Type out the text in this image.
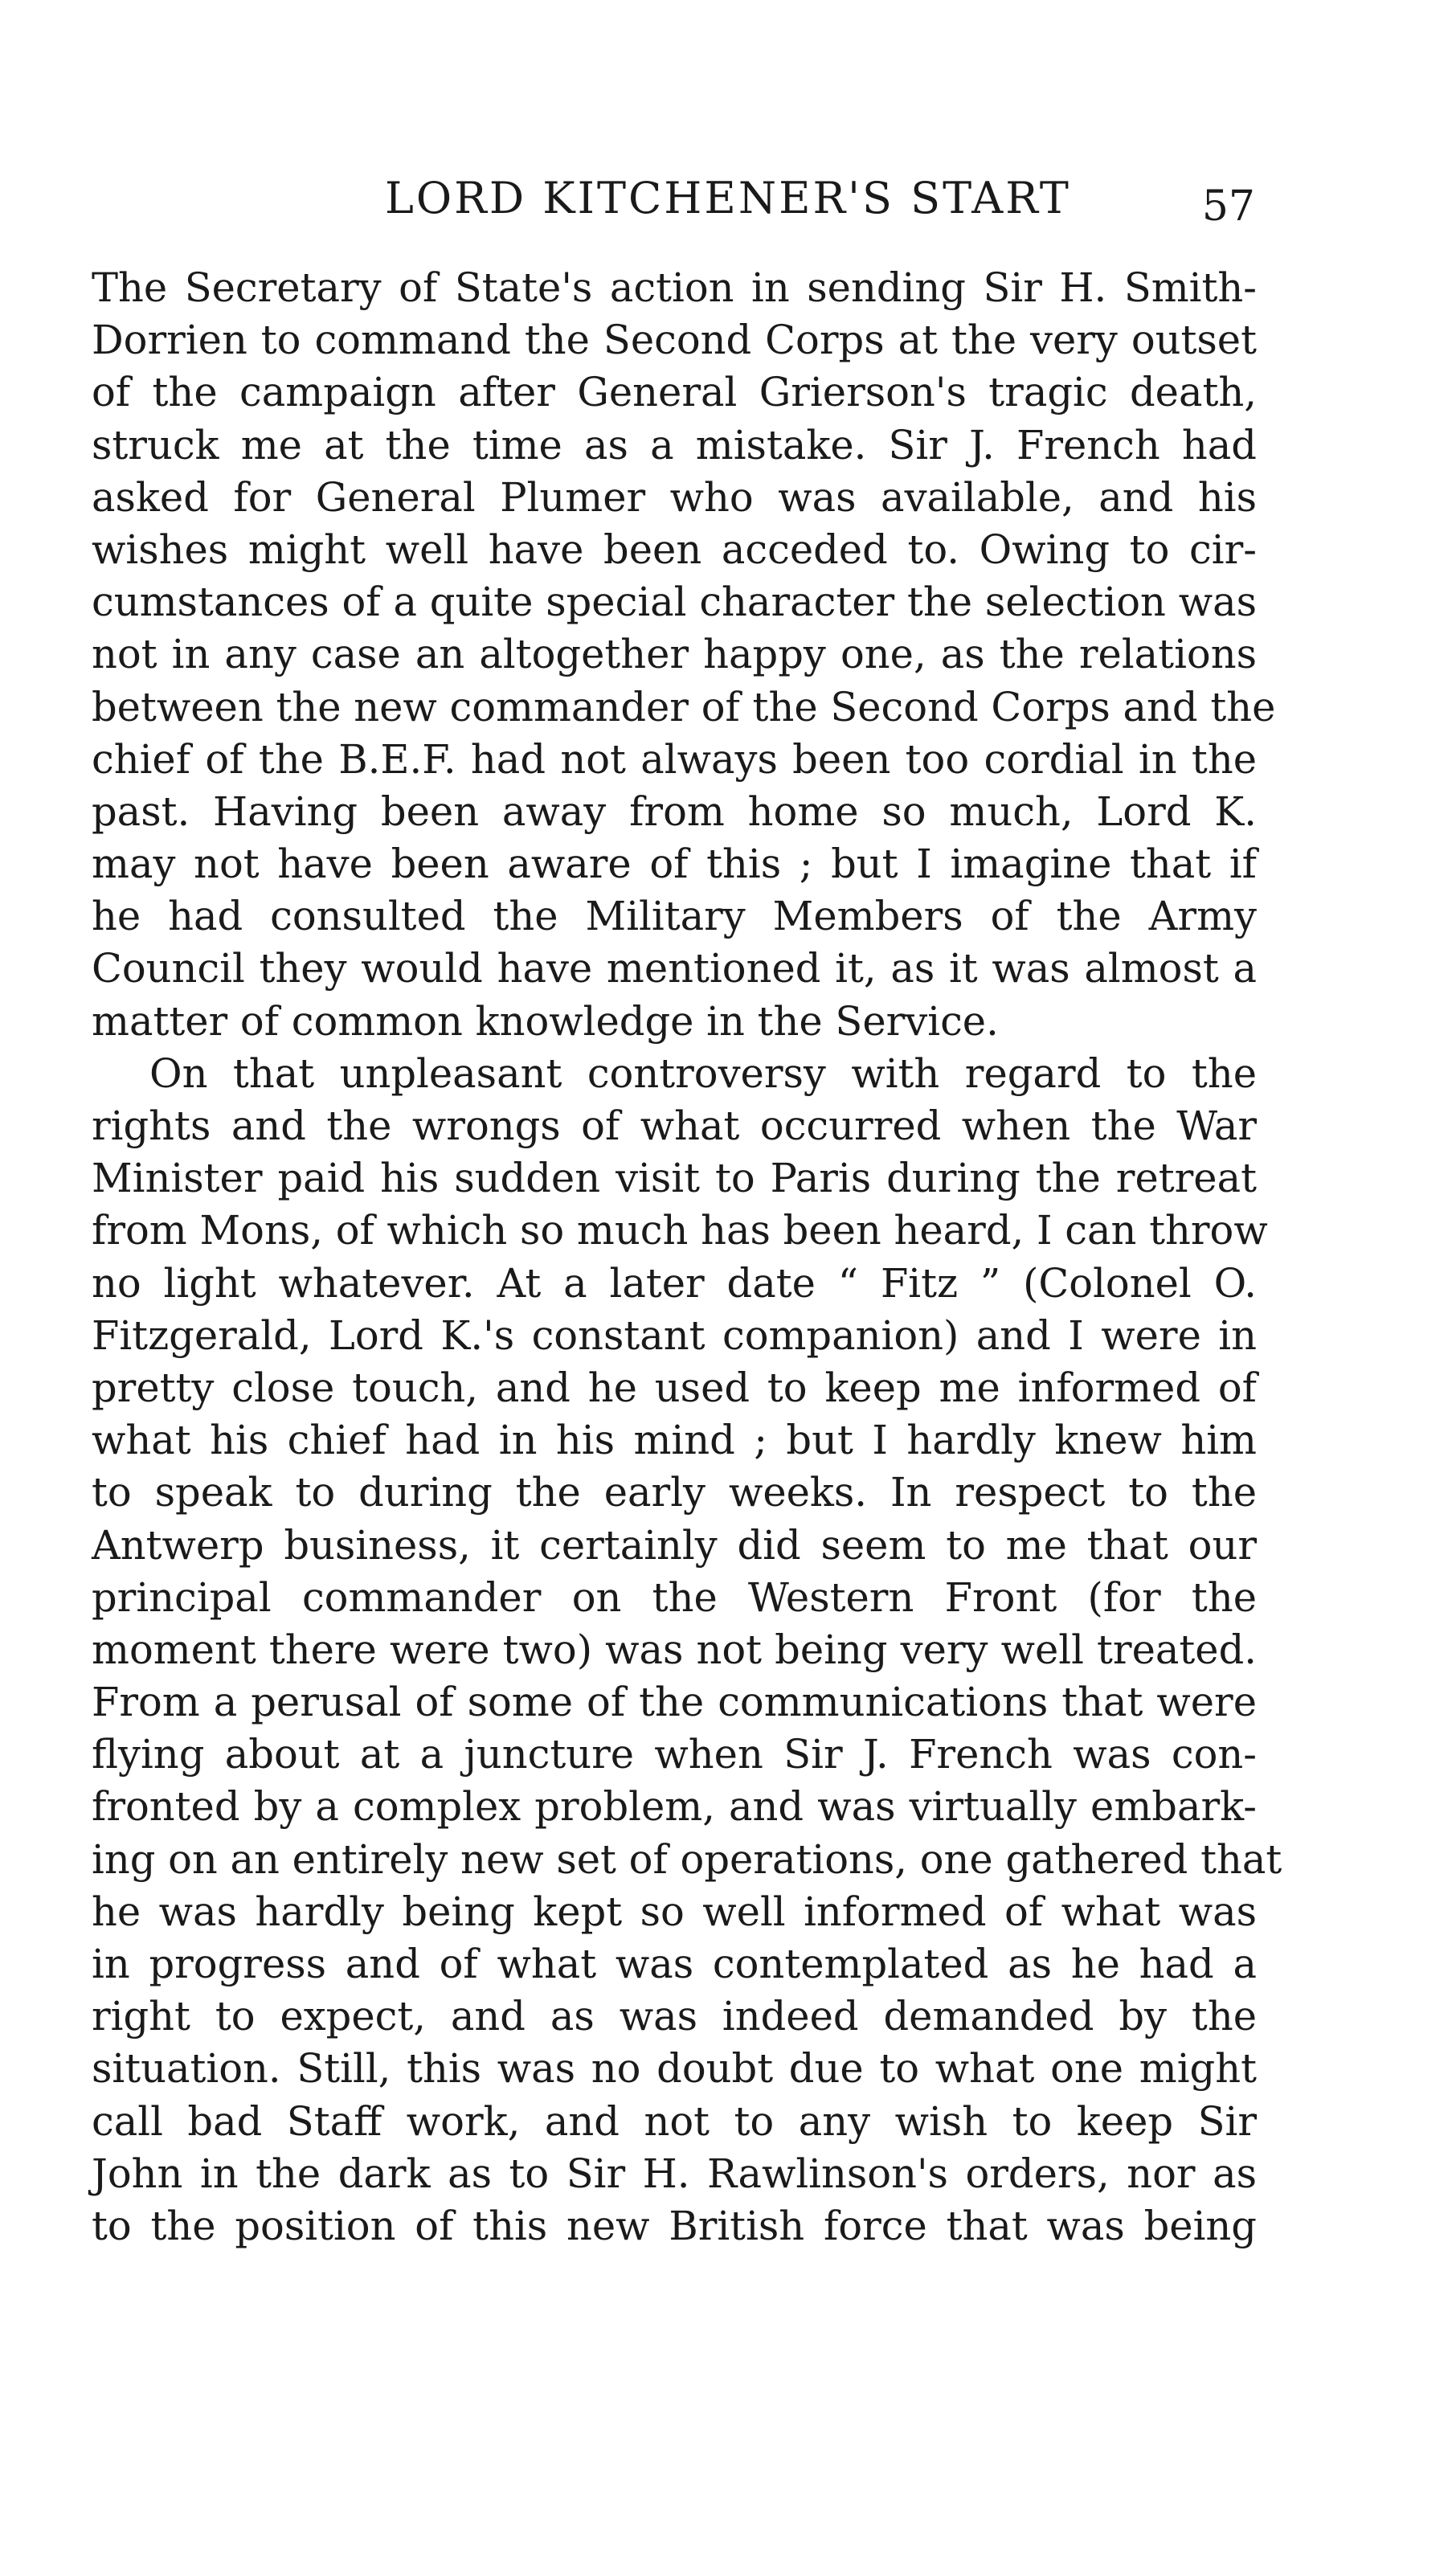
LORD KITCHENER'S START	57
The Secretary of State's action in sending Sir H. Smith-
Dorrien to command the Second Corps at the very outset
of the campaign after General Grierson's tragic death,
struck me at the time as a mistake. Sir J. French had
asked for General Plumer who was available, and his
wishes might well have been acceded to. Owing to cir-
cumstances of a quite special character the selection was
not in any case an altogether happy one, as the relations
between the new commander of the Second Corps and the
chief of the B.E.F. had not always been too cordial in the
past. Having been away from home so much, Lord K.
may not have been aware of this ; but I imagine that if
he had consulted the Military Members of the Army
Council they would have mentioned it, as it was almost a
matter of common knowledge in the Service.
On that unpleasant controversy with regard to the
rights and the wrongs of what occurred when the War
Minister paid his sudden visit to Paris during the retreat
from Mons, of which so much has been heard, I can throw
no light whatever. At a later date “ Fitz ” (Colonel O.
Fitzgerald, Lord K.'s constant companion) and I were in
pretty close touch, and he used to keep me informed of
what his chief had in his mind ; but I hardly knew him
to speak to during the early weeks. In respect to the
Antwerp business, it certainly did seem to me that our
principal commander on the Western Front (for the
moment there were two) was not being very well treated.
From a perusal of some of the communications that were
flying about at a juncture when Sir J. French was con-
fronted by a complex problem, and was virtually embark-
ing on an entirely new set of operations, one gathered that
he was hardly being kept so well informed of what was
in progress and of what was contemplated as he had a
right to expect, and as was indeed demanded by the
situation. Still, this was no doubt due to what one might
call bad Staff work, and not to any wish to keep Sir
John in the dark as to Sir H. Rawlinson's orders, nor as
to the position of this new British force that was being
